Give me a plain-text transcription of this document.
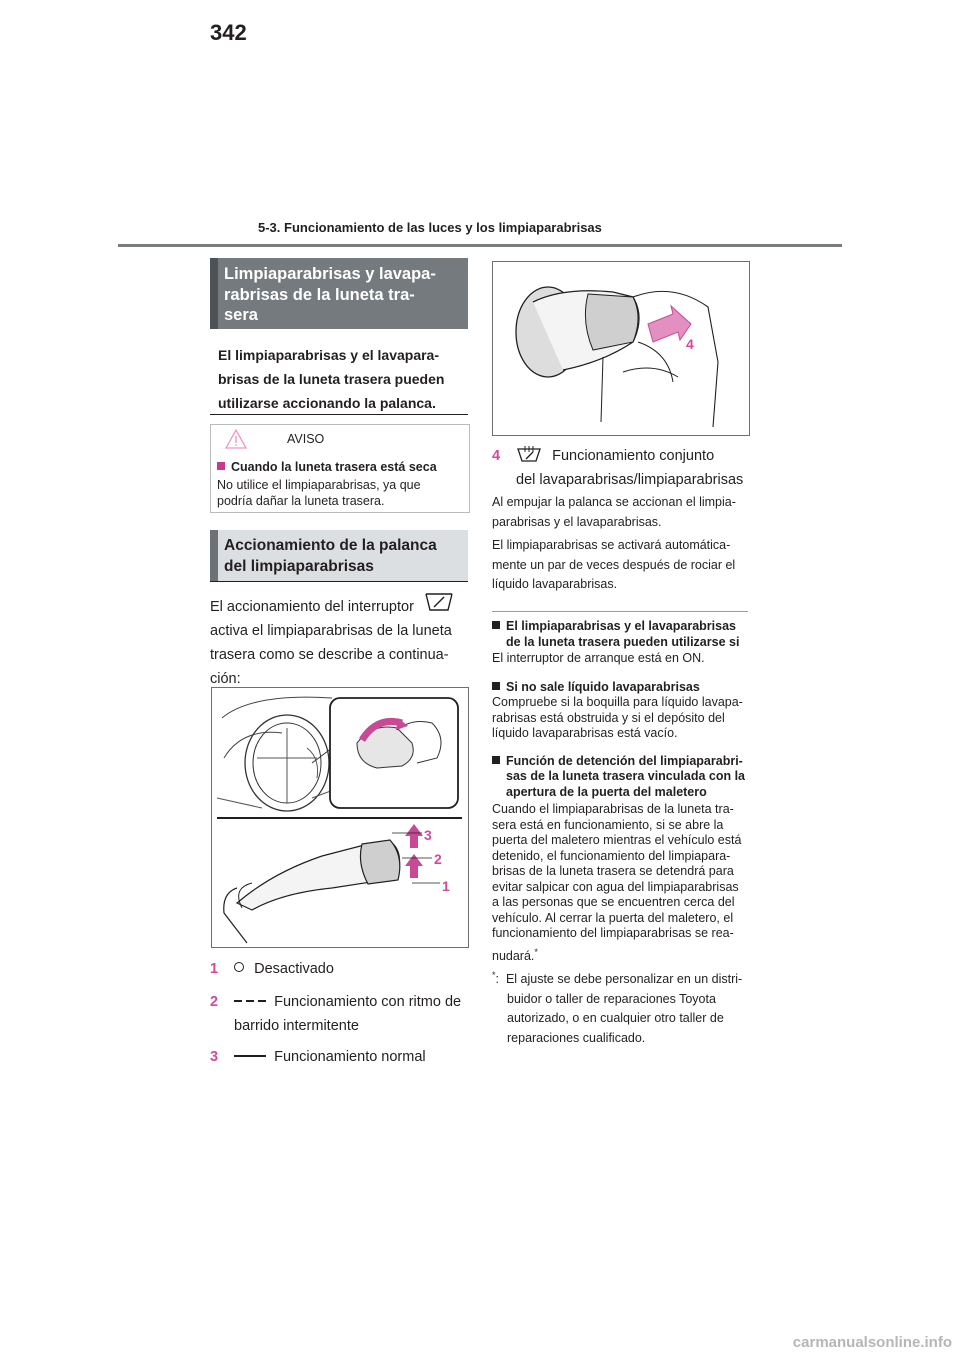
342
5-3. Funcionamiento de las luces y los limpiaparabrisas
Limpiaparabrisas y lavapa-
rabrisas de la luneta tra-
sera
El limpiaparabrisas y el lavapara-
brisas de la luneta trasera pueden
utilizarse accionando la palanca.
AVISO
Cuando la luneta trasera está seca
No utilice el limpiaparabrisas, ya que
podría dañar la luneta trasera.
Accionamiento de la palanca
del limpiaparabrisas
El accionamiento del interruptor
activa el limpiaparabrisas de la luneta
trasera como se describe a continua-
ción:
3
2
1
1 Desactivado
2	Funcionamiento con ritmo de
barrido intermitente
3	Funcionamiento normal
4
4	Funcionamiento conjunto
del lavaparabrisas/limpiaparabrisas
Al empujar la palanca se accionan el limpia-
parabrisas y el lavaparabrisas.
El limpiaparabrisas se activará automática-
mente un par de veces después de rociar el
líquido lavaparabrisas.
El limpiaparabrisas y el lavaparabrisas
de la luneta trasera pueden utilizarse si
El interruptor de arranque está en ON.
Si no sale líquido lavaparabrisas
Compruebe si la boquilla para líquido lavapa-
rabrisas está obstruida y si el depósito del
líquido lavaparabrisas está vacío.
Función de detención del limpiaparabri-
sas de la luneta trasera vinculada con la
apertura de la puerta del maletero
Cuando el limpiaparabrisas de la luneta tra-
sera está en funcionamiento, si se abre la
puerta del maletero mientras el vehículo está
detenido, el funcionamiento del limpiapara-
brisas de la luneta trasera se detendrá para
evitar salpicar con agua del limpiaparabrisas
a las personas que se encuentren cerca del
vehículo. Al cerrar la puerta del maletero, el
funcionamiento del limpiaparabrisas se rea-
nudará.*
*:  El ajuste se debe personalizar en un distri-
buidor o taller de reparaciones Toyota
autorizado, o en cualquier otro taller de
reparaciones cualificado.
carmanualsonline.info
